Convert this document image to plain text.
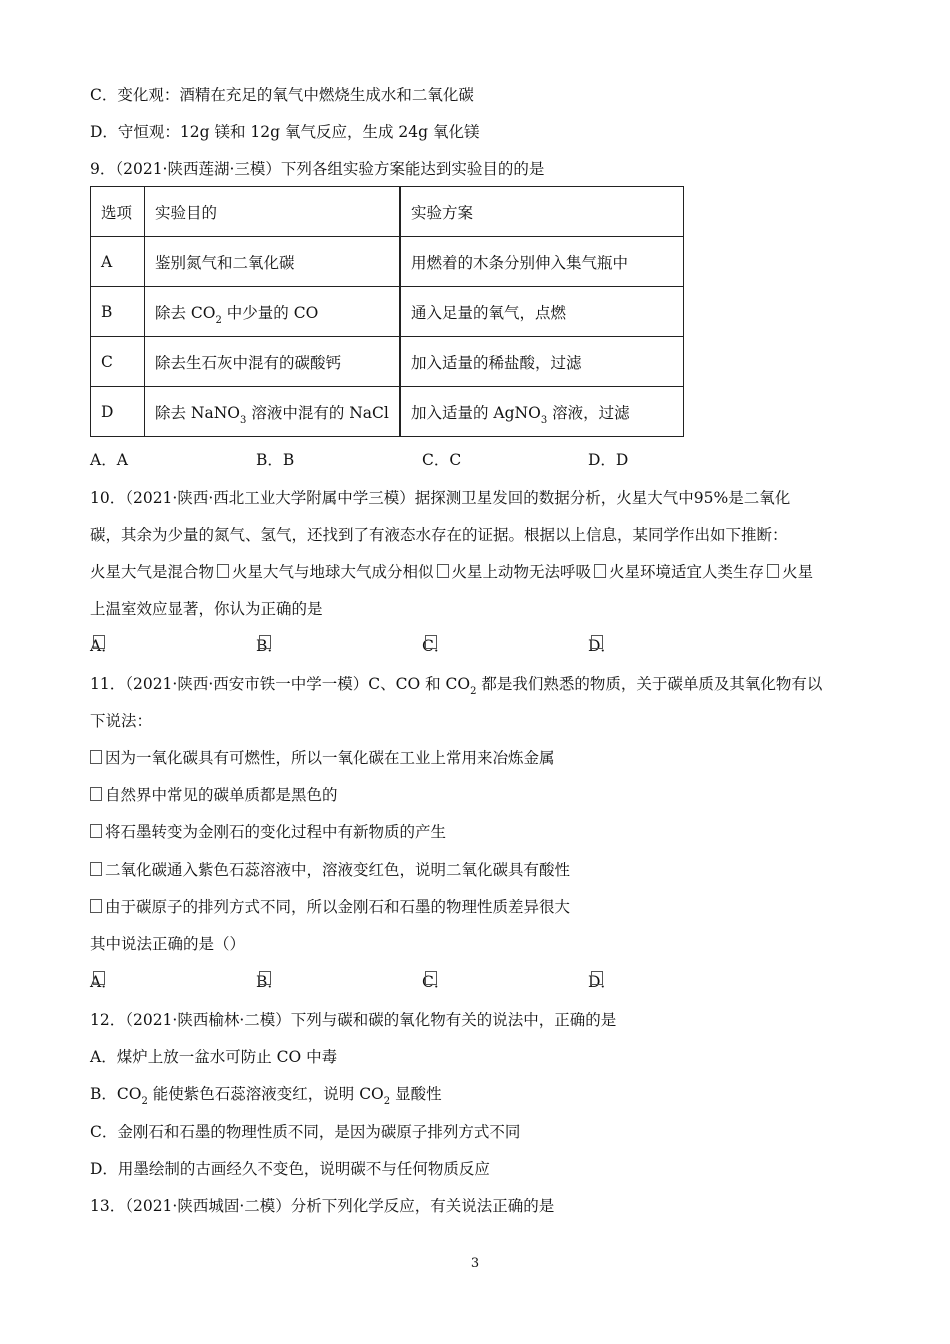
C．变化观：酒精在充足的氧气中燃烧生成水和二氧化碳
D．守恒观：12g 镁和 12g 氧气反应，生成 24g 氧化镁
9．（2021·陕西莲湖·三模）下列各组实验方案能达到实验目的的是
选项	实验目的	实验方案
A	鉴别氮气和二氧化碳	用燃着的木条分别伸入集气瓶中
B	除去 $CO_2$ 中少量的 CO	通入足量的氧气，点燃
C	除去生石灰中混有的碳酸钙	加入适量的稀盐酸，过滤
D	除去 NaNO$_3$ 溶液中混有的 NaCl	加入适量的 AgNO$_3$ 溶液，过滤
A．A	B．B	C．C	D．D
10．（2021·陕西·西北工业大学附属中学三模）据探测卫星发回的数据分析，火星大气中95%是二氧化
碳，其余为少量的氮气、氢气，还找到了有液态水存在的证据。根据以上信息，某同学作出如下推断：
火星大气是混合物 火星大气与地球大气成分相似 火星上动物无法呼吸 火星环境适宜人类生存 火星
上温室效应显著，你认为正确的是
A．	B．	C．	D．
11．（2021·陕西·西安市铁一中学一模）C、CO 和 $CO_2$ 都是我们熟悉的物质，关于碳单质及其氧化物有以
下说法：
因为一氧化碳具有可燃性，所以一氧化碳在工业上常用来冶炼金属
自然界中常见的碳单质都是黑色的
将石墨转变为金刚石的变化过程中有新物质的产生
二氧化碳通入紫色石蕊溶液中，溶液变红色，说明二氧化碳具有酸性
由于碳原子的排列方式不同，所以金刚石和石墨的物理性质差异很大
其中说法正确的是（）
A．	B．	C．	D．
12．（2021·陕西榆林·二模）下列与碳和碳的氧化物有关的说法中，正确的是
A．煤炉上放一盆水可防止 CO 中毒
B．$CO_2$ 能使紫色石蕊溶液变红，说明 $CO_2$ 显酸性
C．金刚石和石墨的物理性质不同，是因为碳原子排列方式不同
D．用墨绘制的古画经久不变色，说明碳不与任何物质反应
13．（2021·陕西城固·二模）分析下列化学反应，有关说法正确的是
3
